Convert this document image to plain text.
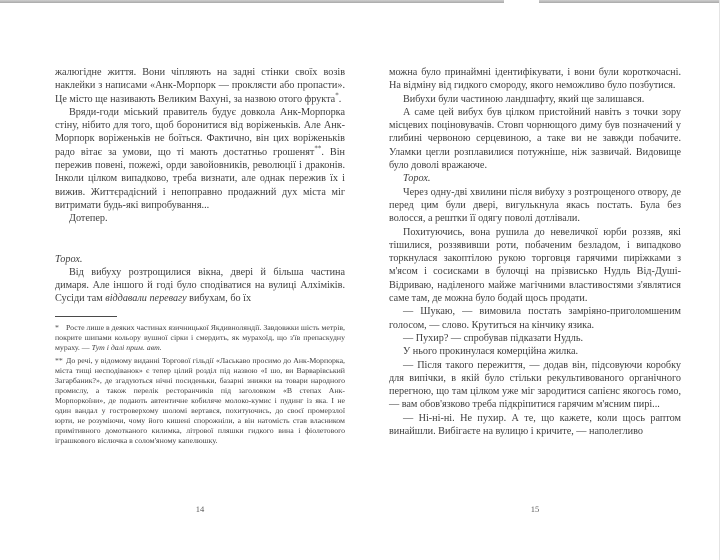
жалюгідне життя. Вони чіпляють на задні стінки своїх возів наклейки з написами «Анк-Морпорк — проклясти або пропасти». Це місто ще називають Великим Вахуні, за назвою отого фрукта*.
Вряди-годи міський правитель будує довкола Анк-Морпорка стіну, нібито для того, щоб боронитися від воріженьків. Але Анк-Морпорк воріженьків не боїться. Фактично, він цих воріженьків радо вітає за умови, що ті мають достатньо грошенят**. Він пережив повені, пожежі, орди завойовників, революції і драконів. Інколи цілком випадково, треба визнати, але однак пережив їх і вижив. Життєрадісний і непоправно продажний дух міста міг витримати будь-які випробування...
Дотепер.
Торох.
Від вибуху розтрощилися вікна, двері й більша частина димаря. Але іншого й годі було сподіватися на вулиці Алхіміків. Сусіди там віддавали перевагу вибухам, бо їх
* Росте лише в деяких частинах язичницької Якдивноляндії. Завдовжки шість метрів, покрите шипами кольору вушної сірки і смердить, як мурахоїд, що з'їв препаскудну мураху. — Тут і далі прим. авт.
** До речі, у відомому виданні Торгової гільдії «Ласькаво просимо до Анк-Морпорка, міста тищі несподіванок» є тепер цілий розділ під назвою «І шо, ви Варварівський Загарбаник?», де згадуються нічні посиденьки, базарні знижки на товари народного промислу, а також перелік ресторанчиків під заголовком «В степах Анк-Морпоркоїни», де подають автентичне кобиляче молоко-кумис і пудинг із яка. І не один вандал у гостроверхому шоломі вертався, похитуючись, до своєї промерзлої юрти, не розуміючи, чому його кишені спорожніли, а він натомість став власником примітивного домотканого килимка, літрової пляшки гидкого вина і фіолетового іграшкового віслючка в солом'яному капелюшку.
14
можна було принаймні ідентифікувати, і вони були короткочасні. На відміну від гидкого смороду, якого неможливо було позбутися.
Вибухи були частиною ландшафту, який ще залишався.
А саме цей вибух був цілком пристойний навіть з точки зору місцевих поціновувачів. Стовп чорнющого диму був позначений у глибині червоною серцевиною, а таке ви не завжди побачите. Уламки цегли розплавилися потужніше, ніж зазвичай. Видовище було доволі вражаюче.
Торох.
Через одну-дві хвилини після вибуху з розтрощеного отвору, де перед цим були двері, вигулькнула якась постать. Була без волосся, а рештки її одягу поволі дотлівали.
Похитуючись, вона рушила до невеличкої юрби роззяв, які тішилися, роззявивши роти, побаченим безладом, і випадково торкнулася закоптілою рукою торговця гарячими пиріжками з м'ясом і сосисками в булочці на прізвисько Нудль Від-Душі-Відриваю, наділеного майже магічними властивостями з'являтися саме там, де можна було бодай щось продати.
— Шукаю, — вимовила постать замріяно-приголомшеним голосом, — слово. Крутиться на кінчику язика.
— Пухир? — спробував підказати Нудль.
У нього прокинулася комерційна жилка.
— Після такого пережиття, — додав він, підсовуючи коробку для випічки, в якій було стільки рекультивованого органічного перегною, що там цілком уже міг зародитися сапієнс якогось гомо, — вам обов'язково треба підкріпитися гарячим м'ясним пирі...
— Ні-ні-ні. Не пухир. А те, що кажете, коли щось раптом винайшли. Вибігаєте на вулицю і кричите, — наполегливо
15
